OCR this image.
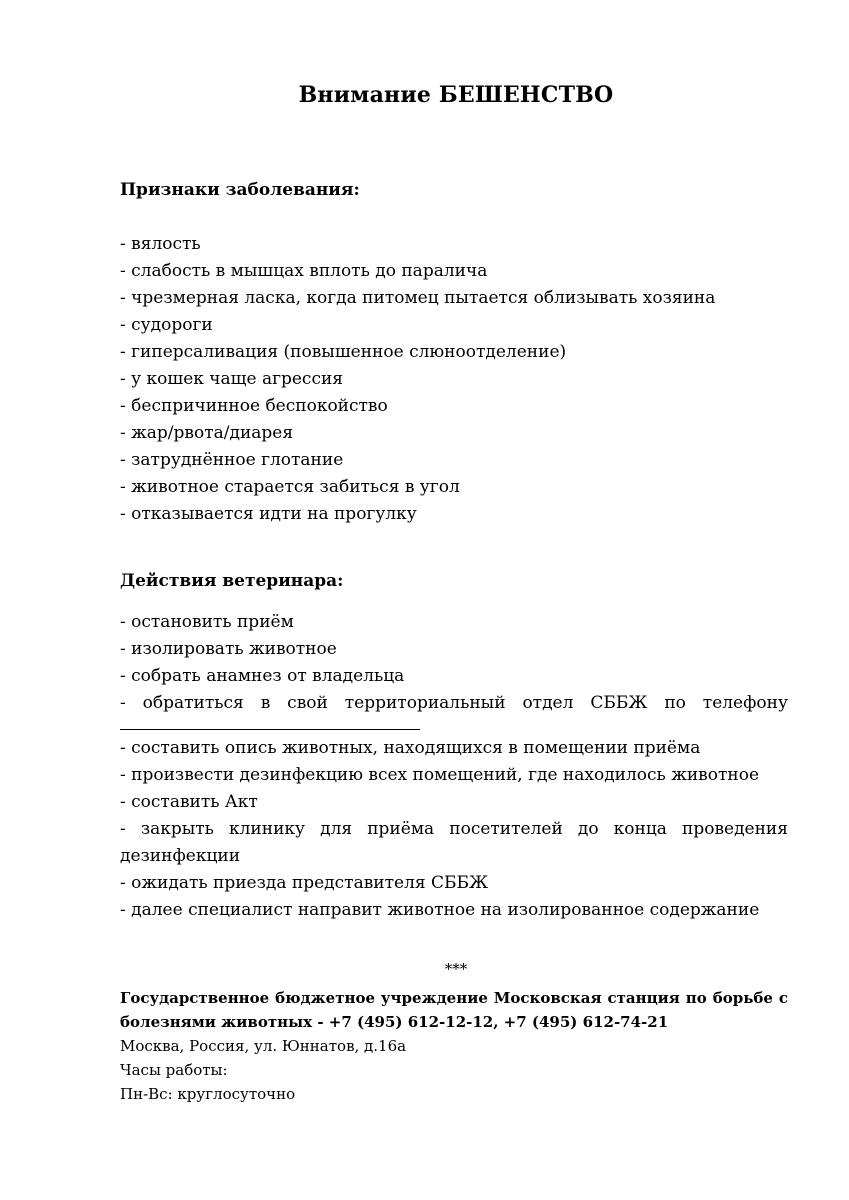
Внимание БЕШЕНСТВО
Признаки заболевания:
- вялость
- слабость в мышцах вплоть до паралича
- чрезмерная ласка, когда питомец пытается облизывать хозяина
- судороги
- гиперсаливация (повышенное слюноотделение)
- у кошек чаще агрессия
- беспричинное беспокойство
- жар/рвота/диарея
- затруднённое глотание
- животное старается забиться в угол
- отказывается идти на прогулку
Действия ветеринара:
- остановить приём
- изолировать животное
- собрать анамнез от владельца
- обратиться в свой территориальный отдел СББЖ по телефону
- составить опись животных, находящихся в помещении приёма
- произвести дезинфекцию всех помещений, где находилось животное
- составить Акт
- закрыть клинику для приёма посетителей до конца проведения дезинфекции
- ожидать приезда представителя СББЖ
- далее специалист направит животное на изолированное содержание
***
Государственное бюджетное учреждение Московская станция по борьбе с болезнями животных - +7 (495) 612-12-12, +7 (495) 612-74-21
Москва, Россия, ул. Юннатов, д.16а
Часы работы:
Пн-Вс: круглосуточно
